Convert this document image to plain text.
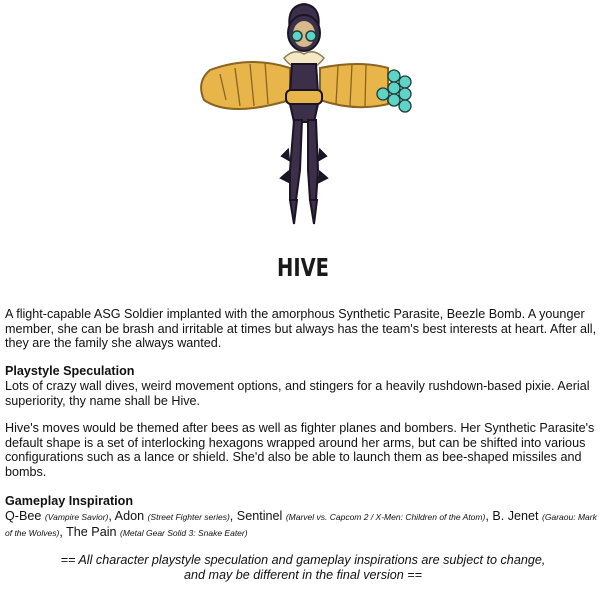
HIVE

A flight-capable ASG Soldier implanted with the amorphous Synthetic Parasite, Beezle Bomb. A younger member, she can be brash and irritable at times but always has the team's best interests at heart. After all, they are the family she always wanted.

Playstyle Speculation

Lots of crazy wall dives, weird movement options, and stingers for a heavily rushdown-based pixie. Aerial superiority, thy name shall be Hive.

Hive's moves would be themed after bees as well as fighter planes and bombers. Her Synthetic Parasite's default shape is a set of interlocking hexagons wrapped around her arms, but can be shifted into various configurations such as a lance or shield. She'd also be able to launch them as bee-shaped missiles and bombs.

Gameplay Inspiration

Q-Bee (Vampire Savior), Adon (Street Fighter series), Sentinel (Marvel vs. Capcom 2 / X-Men: Children of the Atom), B. Jenet (Garaou: Mark of the Wolves), The Pain (Metal Gear Solid 3: Snake Eater)

== All character playstyle speculation and gameplay inspirations are subject to change,
and may be different in the final version ==
